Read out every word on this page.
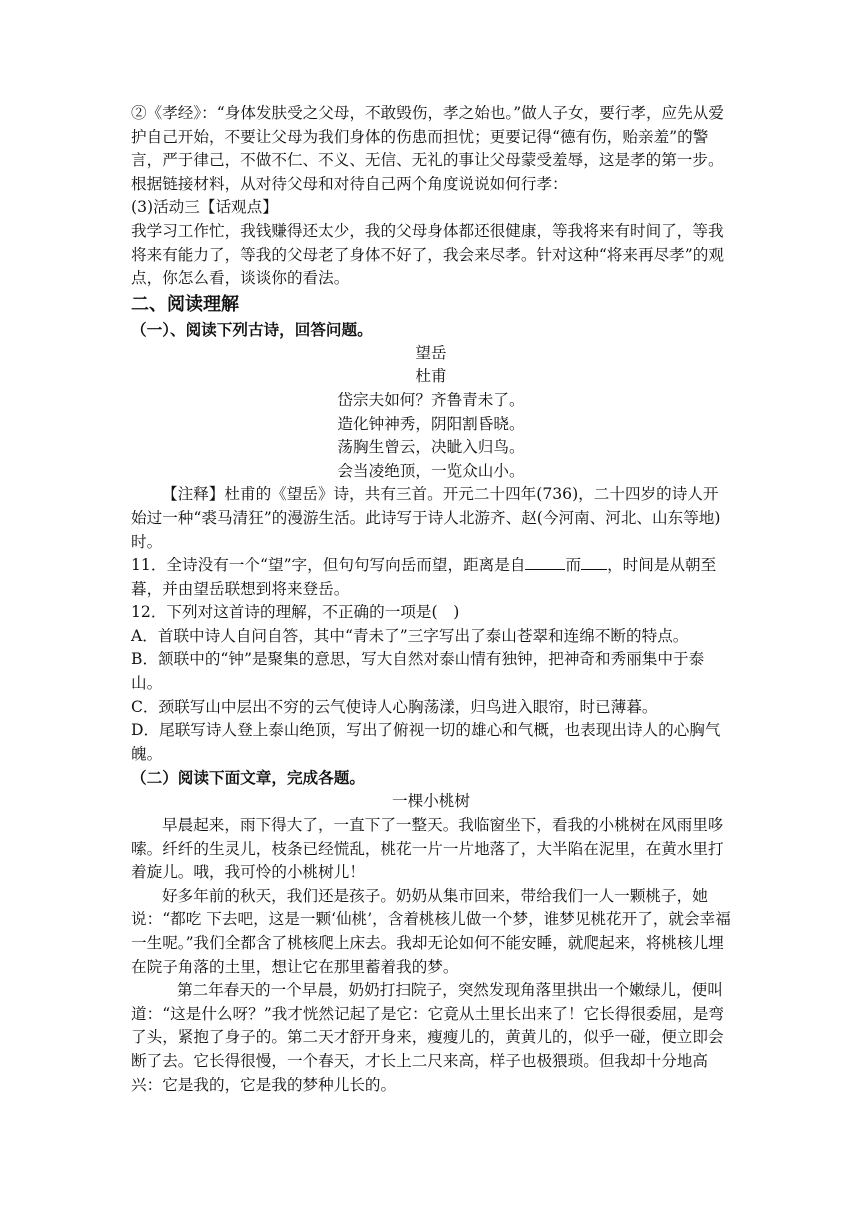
②《孝经》：“身体发肤受之父母，不敢毁伤，孝之始也。”做人子女，要行孝，应先从爱护自己开始，不要让父母为我们身体的伤患而担忧；更要记得“德有伤，贻亲羞”的警言，严于律己，不做不仁、不义、无信、无礼的事让父母蒙受羞辱，这是孝的第一步。

根据链接材料，从对待父母和对待自己两个角度说说如何行孝：

(3)活动三【话观点】

我学习工作忙，我钱赚得还太少，我的父母身体都还很健康，等我将来有时间了，等我将来有能力了，等我的父母老了身体不好了，我会来尽孝。针对这种“将来再尽孝”的观点，你怎么看，谈谈你的看法。

二、阅读理解

（一）、阅读下列古诗，回答问题。

望岳

杜甫

岱宗夫如何？齐鲁青未了。

造化钟神秀，阴阳割昏晓。

荡胸生曾云，决眦入归鸟。

会当凌绝顶，一览众山小。

【注释】杜甫的《望岳》诗，共有三首。开元二十四年(736)，二十四岁的诗人开始过一种“裘马清狂”的漫游生活。此诗写于诗人北游齐、赵(今河南、河北、山东等地)时。

11．全诗没有一个“望”字，但句句写向岳而望，距离是自	而 ，时间是从朝至暮，并由望岳联想到将来登岳。

12．下列对这首诗的理解，不正确的一项是(　)

A．首联中诗人自问自答，其中“青未了”三字写出了泰山苍翠和连绵不断的特点。

B．颔联中的“钟”是聚集的意思，写大自然对泰山情有独钟，把神奇和秀丽集中于泰山。

C．颈联写山中层出不穷的云气使诗人心胸荡漾，归鸟进入眼帘，时已薄暮。

D．尾联写诗人登上泰山绝顶，写出了俯视一切的雄心和气概，也表现出诗人的心胸气魄。

（二）阅读下面文章，完成各题。

一棵小桃树

早晨起来，雨下得大了，一直下了一整天。我临窗坐下，看我的小桃树在风雨里哆嗦。纤纤的生灵儿，枝条已经慌乱，桃花一片一片地落了，大半陷在泥里，在黄水里打着旋儿。哦，我可怜的小桃树儿！

好多年前的秋天，我们还是孩子。奶奶从集市回来，带给我们一人一颗桃子，她说：“都吃 下去吧，这是一颗‘仙桃’，含着桃核儿做一个梦，谁梦见桃花开了，就会幸福一生呢。”我们全都含了桃核爬上床去。我却无论如何不能安睡，就爬起来，将桃核儿埋在院子角落的土里，想让它在那里蓄着我的梦。

第二年春天的一个早晨，奶奶打扫院子，突然发现角落里拱出一个嫩绿儿，便叫道：“这是什么呀？”我才恍然记起了是它：它竟从土里长出来了！它长得很委屈，是弯了头，紧抱了身子的。第二天才舒开身来，瘦瘦儿的，黄黄儿的，似乎一碰，便立即会断了去。它长得很慢，一个春天，才长上二尺来高，样子也极猥琐。但我却十分地高兴：它是我的，它是我的梦种儿长的。
